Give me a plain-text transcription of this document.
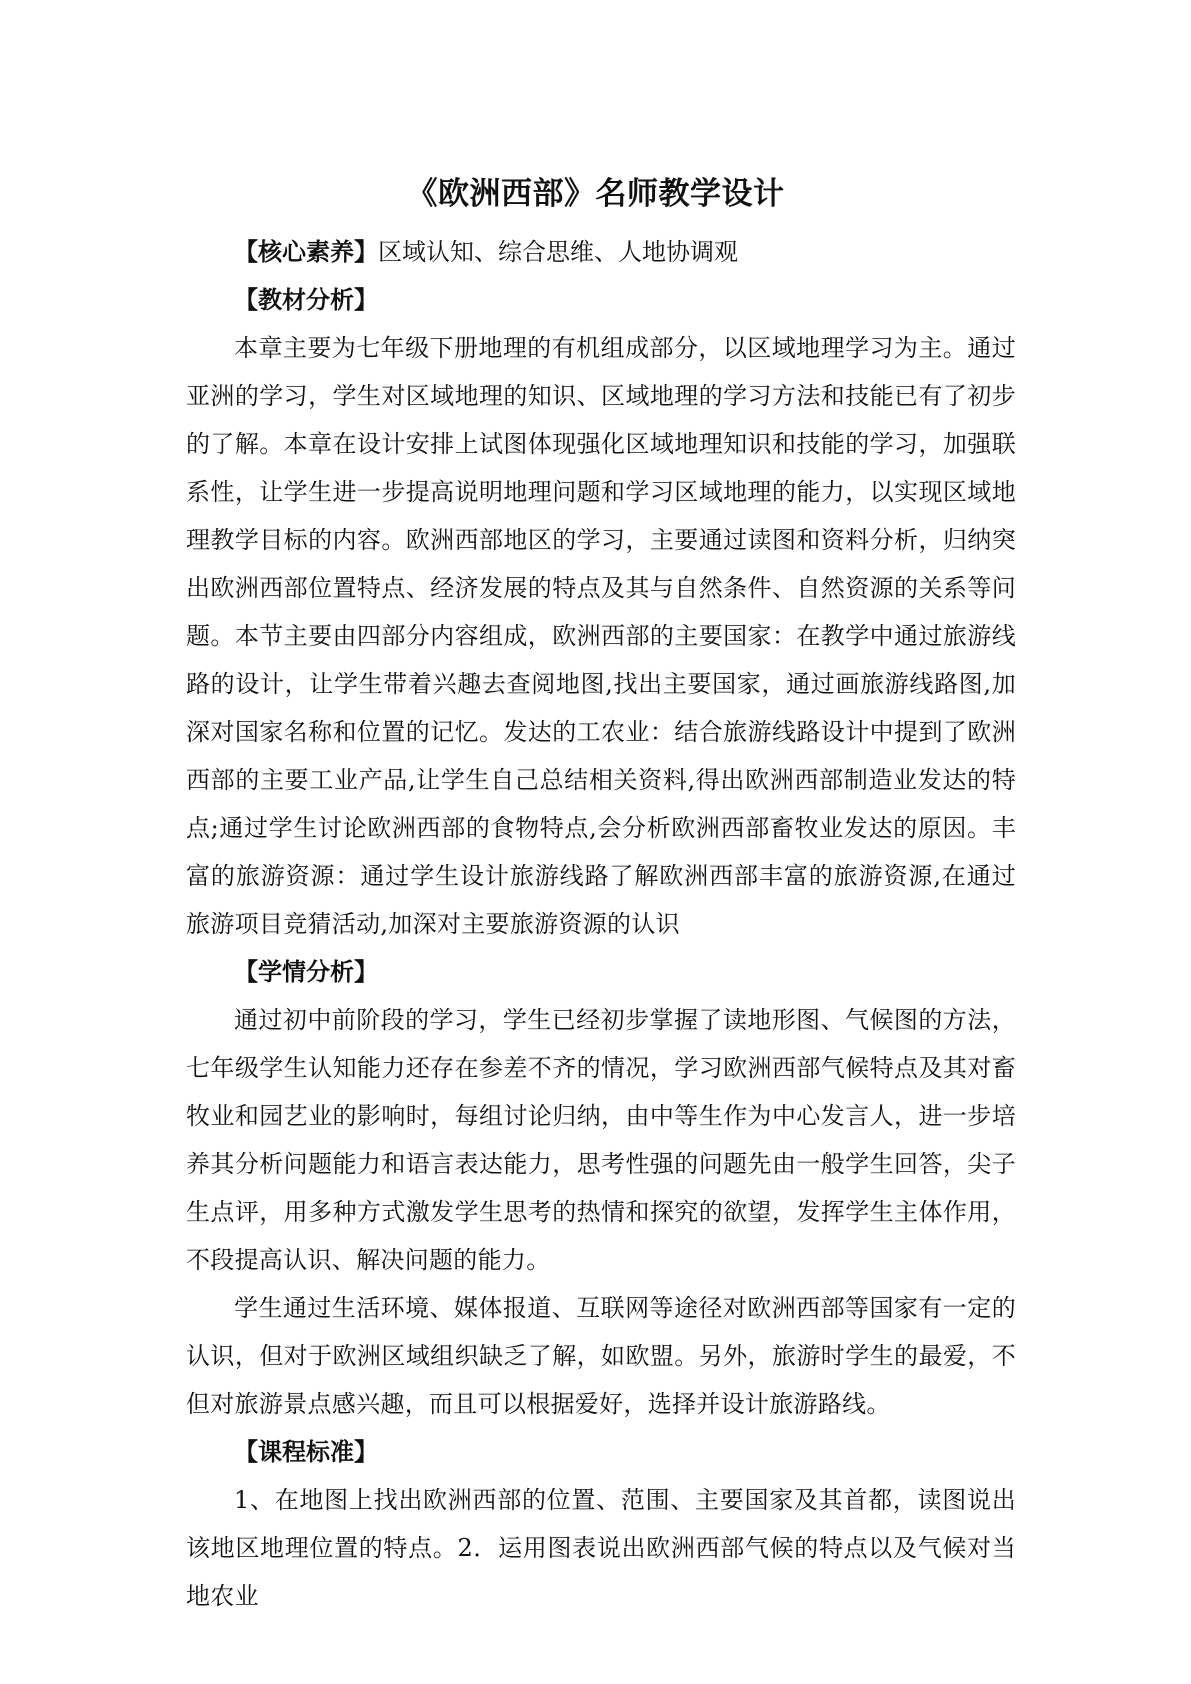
《欧洲西部》名师教学设计

【核心素养】区域认知、综合思维、人地协调观

【教材分析】

本章主要为七年级下册地理的有机组成部分，以区域地理学习为主。通过亚洲的学习，学生对区域地理的知识、区域地理的学习方法和技能已有了初步的了解。本章在设计安排上试图体现强化区域地理知识和技能的学习，加强联系性，让学生进一步提高说明地理问题和学习区域地理的能力，以实现区域地理教学目标的内容。欧洲西部地区的学习，主要通过读图和资料分析，归纳突出欧洲西部位置特点、经济发展的特点及其与自然条件、自然资源的关系等问题。本节主要由四部分内容组成，欧洲西部的主要国家：在教学中通过旅游线路的设计，让学生带着兴趣去查阅地图,找出主要国家，通过画旅游线路图,加深对国家名称和位置的记忆。发达的工农业：结合旅游线路设计中提到了欧洲西部的主要工业产品,让学生自己总结相关资料,得出欧洲西部制造业发达的特点;通过学生讨论欧洲西部的食物特点,会分析欧洲西部畜牧业发达的原因。丰富的旅游资源：通过学生设计旅游线路了解欧洲西部丰富的旅游资源,在通过旅游项目竞猜活动,加深对主要旅游资源的认识

【学情分析】

通过初中前阶段的学习，学生已经初步掌握了读地形图、气候图的方法，七年级学生认知能力还存在参差不齐的情况，学习欧洲西部气候特点及其对畜牧业和园艺业的影响时，每组讨论归纳，由中等生作为中心发言人，进一步培养其分析问题能力和语言表达能力，思考性强的问题先由一般学生回答，尖子生点评，用多种方式激发学生思考的热情和探究的欲望，发挥学生主体作用，不段提高认识、解决问题的能力。

学生通过生活环境、媒体报道、互联网等途径对欧洲西部等国家有一定的认识，但对于欧洲区域组织缺乏了解，如欧盟。另外，旅游时学生的最爱，不但对旅游景点感兴趣，而且可以根据爱好，选择并设计旅游路线。

【课程标准】

1、在地图上找出欧洲西部的位置、范围、主要国家及其首都，读图说出该地区地理位置的特点。2．运用图表说出欧洲西部气候的特点以及气候对当地农业
